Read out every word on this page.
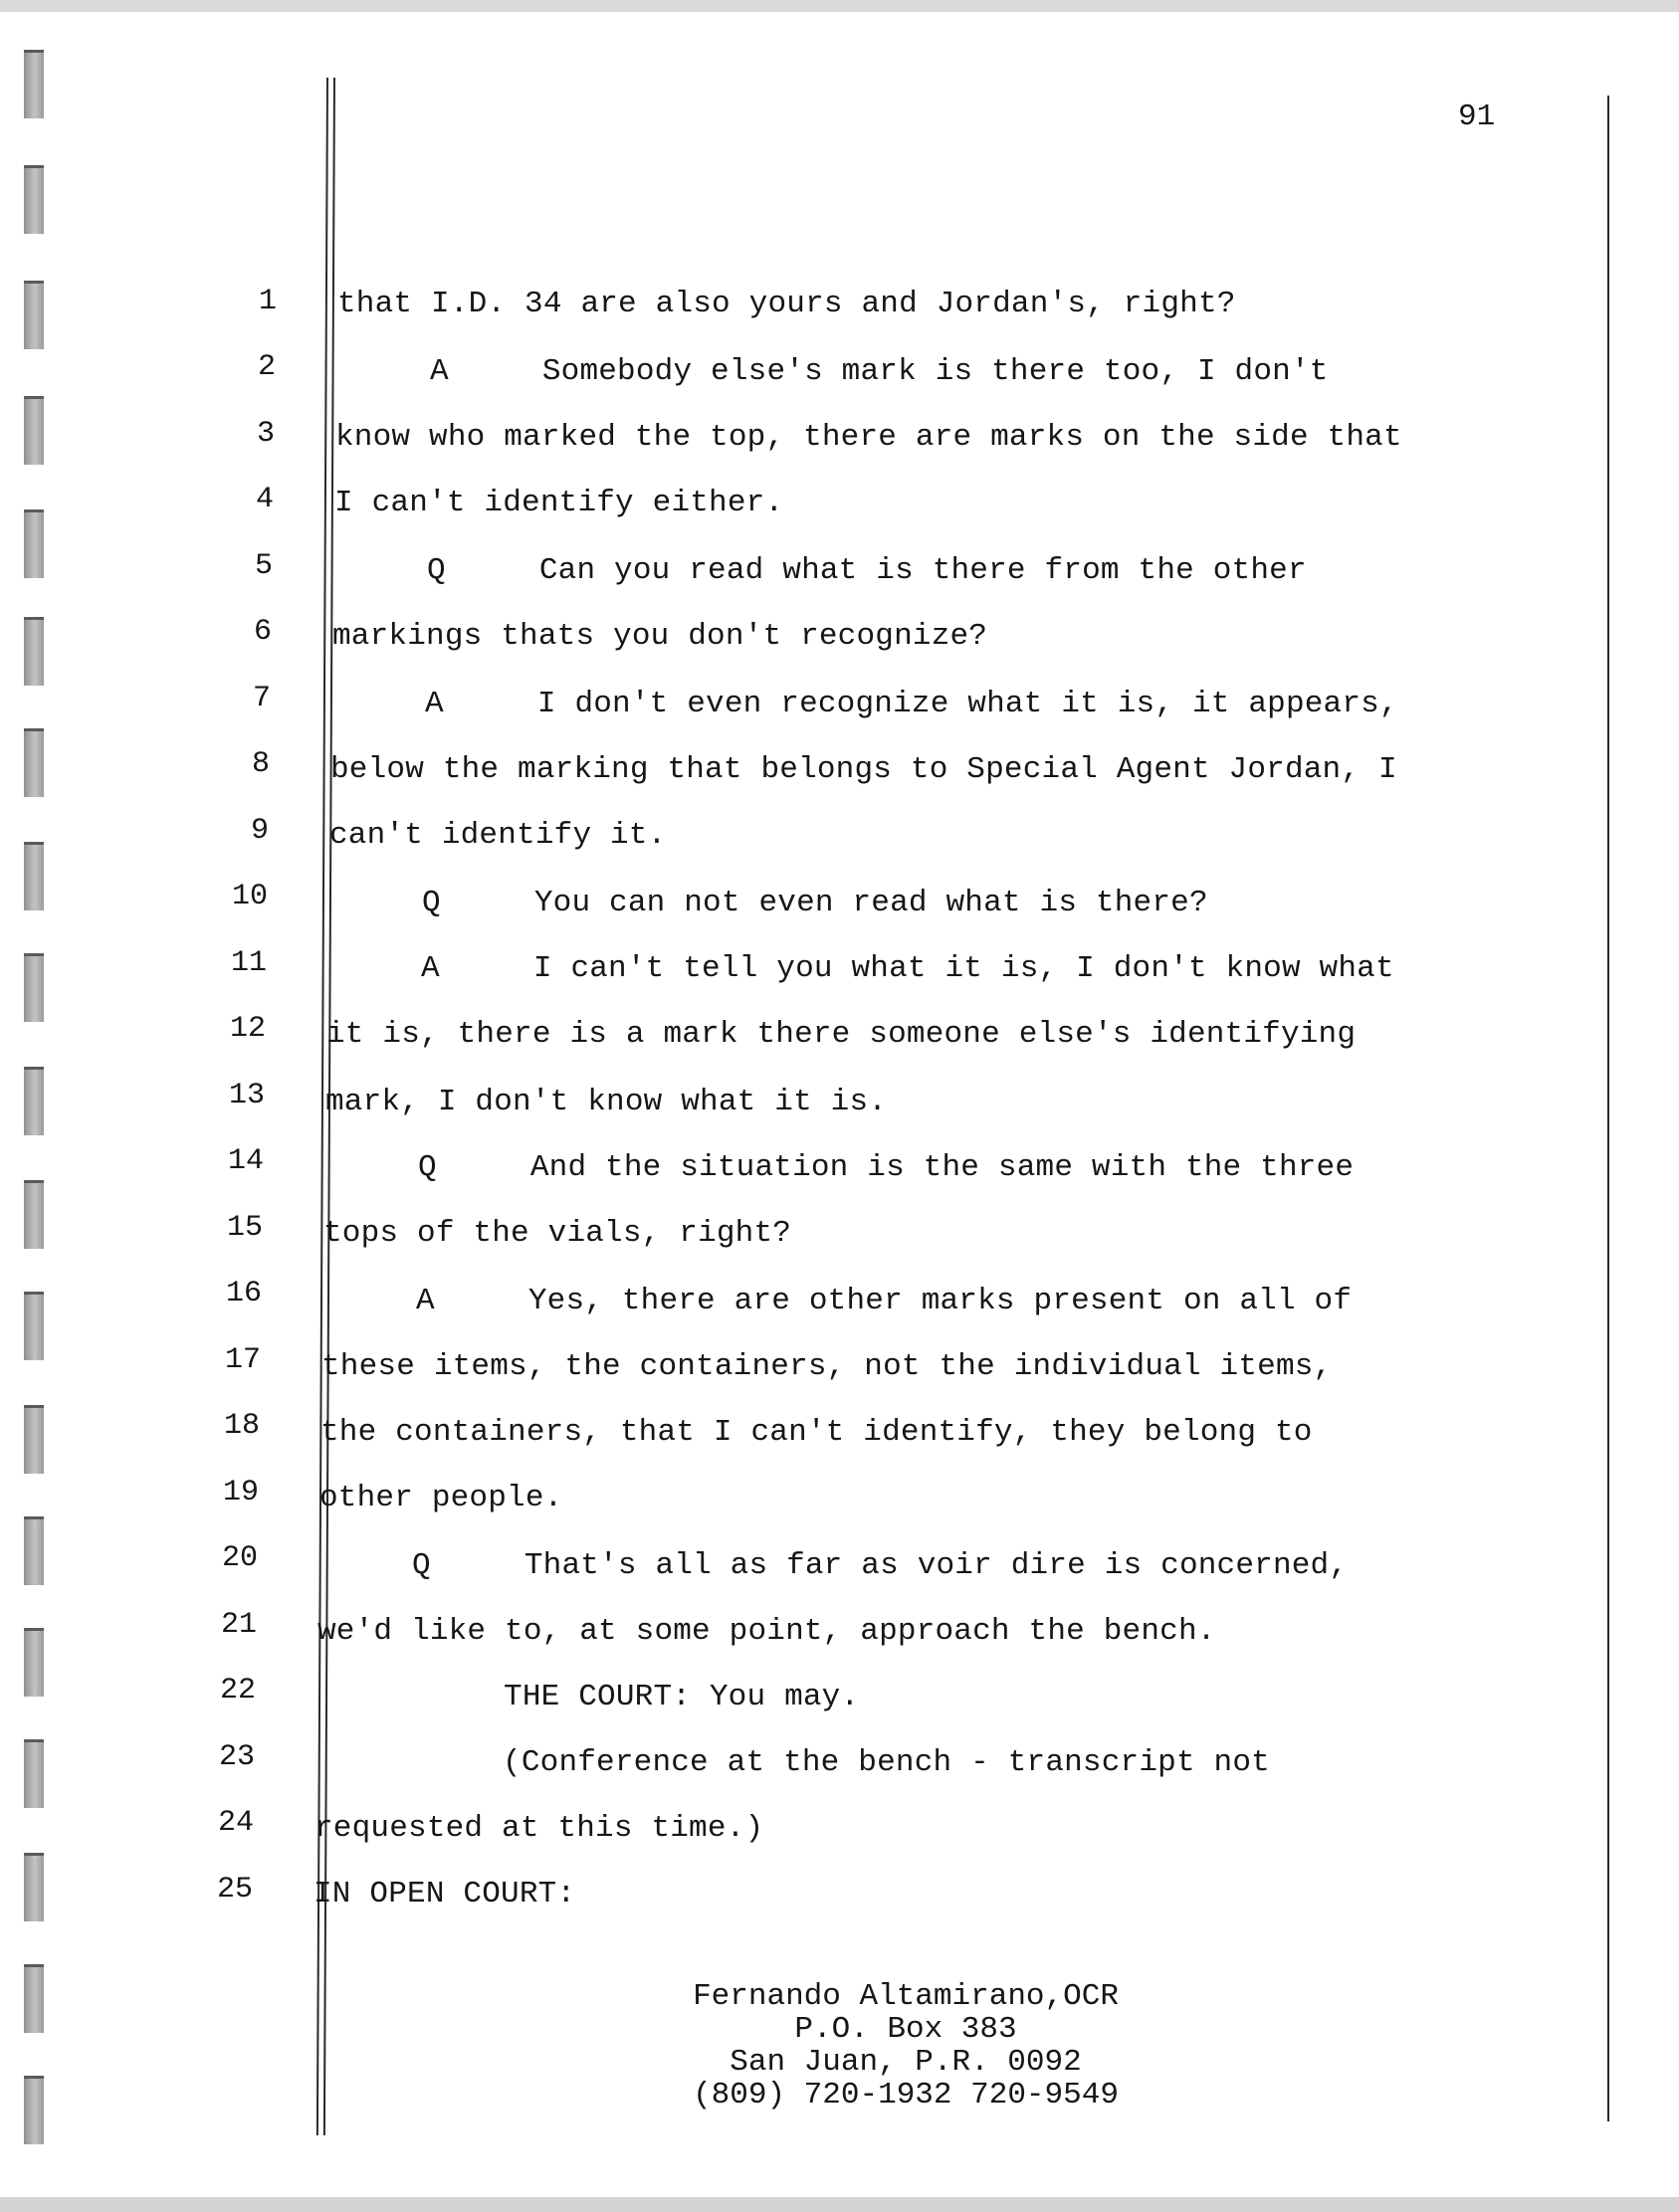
91
1 that I.D. 34 are also yours and Jordan's, right?
2 A     Somebody else's mark is there too, I don't
3 know who marked the top, there are marks on the side that
4 I can't identify either.
5 Q     Can you read what is there from the other
6 markings thats you don't recognize?
7 A     I don't even recognize what it is, it appears,
8 below the marking that belongs to Special Agent Jordan, I
9 can't identify it.
10 Q     You can not even read what is there?
11 A     I can't tell you what it is, I don't know what
12 it is, there is a mark there someone else's identifying
13 mark, I don't know what it is.
14 Q     And the situation is the same with the three
15 tops of the vials, right?
16 A     Yes, there are other marks present on all of
17 these items, the containers, not the individual items,
18 the containers, that I can't identify, they belong to
19 other people.
20 Q     That's all as far as voir dire is concerned,
21 we'd like to, at some point, approach the bench.
22 THE COURT: You may.
23 (Conference at the bench - transcript not
24 requested at this time.)
25 IN OPEN COURT:
Fernando Altamirano,OCR
P.O. Box 383
San Juan, P.R. 0092
(809) 720-1932 720-9549
